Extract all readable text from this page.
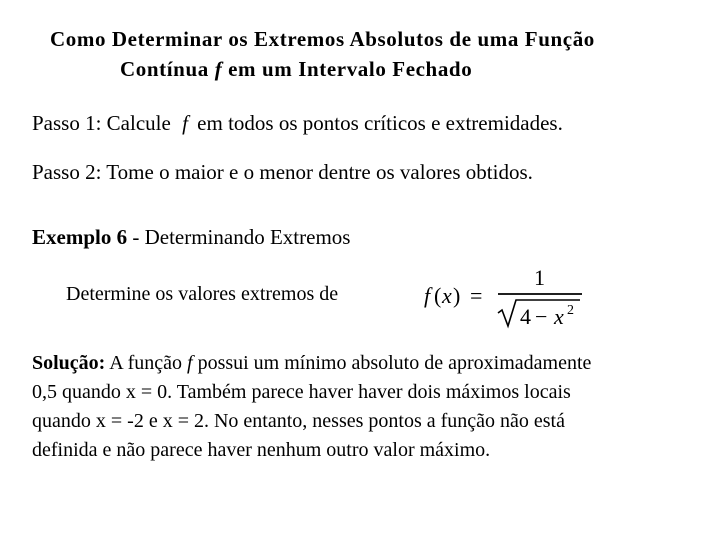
Como Determinar os Extremos Absolutos de uma Função
Contínua f em um Intervalo Fechado
Passo 1: Calcule f em todos os pontos críticos e extremidades.
Passo 2: Tome o maior e o menor dentre os valores obtidos.
Exemplo 6 - Determinando Extremos
Determine os valores extremos de	f ( x ) =
1
4 − x 2
Solução: A função f possui um mínimo absoluto de aproximadamente
0,5 quando x = 0. Também parece haver haver dois máximos locais
quando x = -2 e x = 2. No entanto, nesses pontos a função não está
definida e não parece haver nenhum outro valor máximo.
